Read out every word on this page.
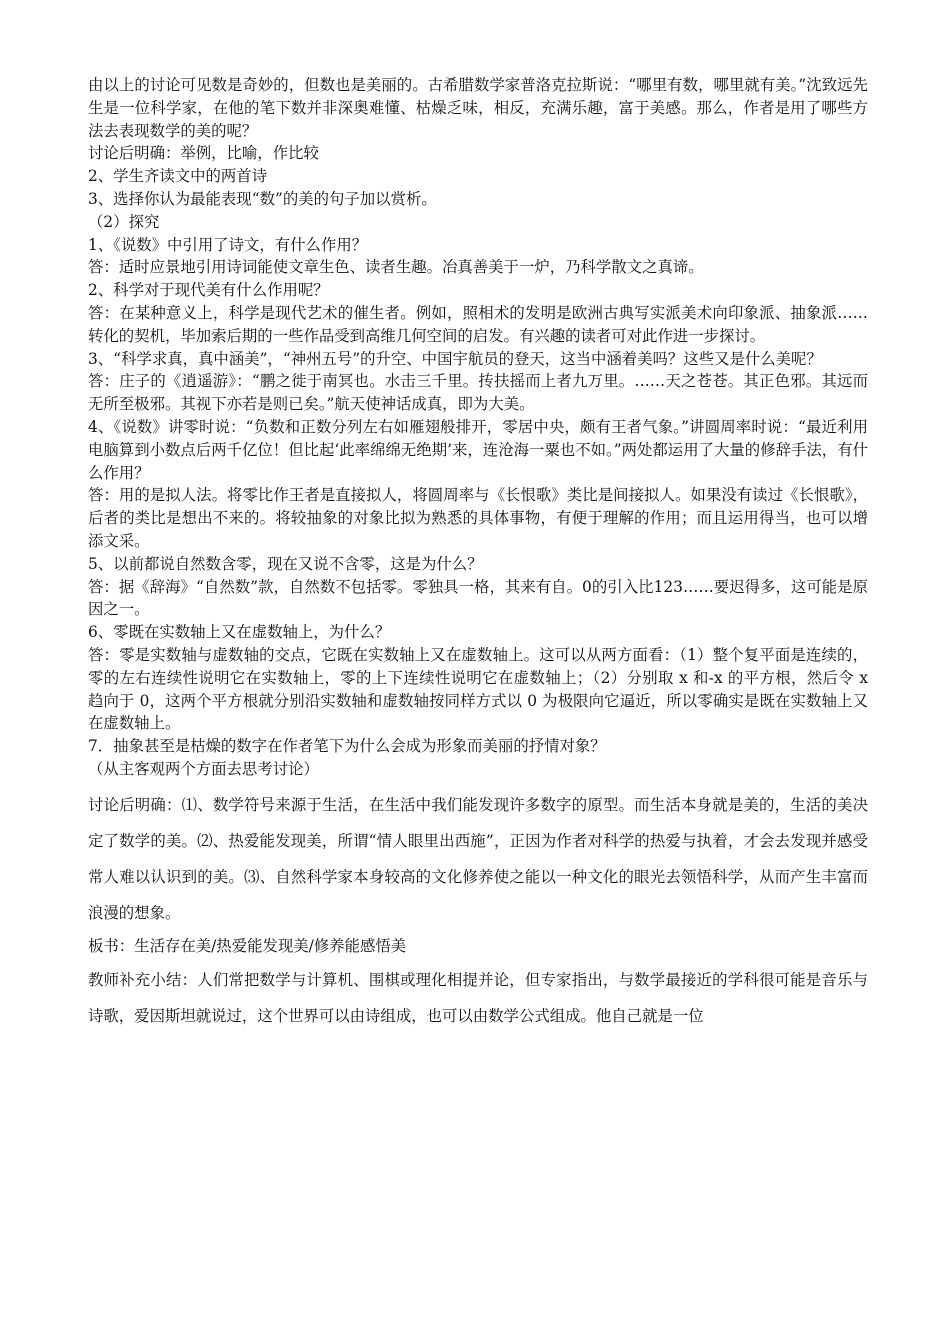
由以上的讨论可见数是奇妙的，但数也是美丽的。古希腊数学家普洛克拉斯说：“哪里有数，哪里就有美。”沈致远先生是一位科学家，在他的笔下数并非深奥难懂、枯燥乏味，相反，充满乐趣，富于美感。那么，作者是用了哪些方法去表现数学的美的呢？

讨论后明确：举例，比喻，作比较

2、学生齐读文中的两首诗

3、选择你认为最能表现“数”的美的句子加以赏析。

（2）探究

1、《说数》中引用了诗文，有什么作用？

答：适时应景地引用诗词能使文章生色、读者生趣。冶真善美于一炉，乃科学散文之真谛。

2、科学对于现代美有什么作用呢？

答：在某种意义上，科学是现代艺术的催生者。例如，照相术的发明是欧洲古典写实派美术向印象派、抽象派……转化的契机，毕加索后期的一些作品受到高维几何空间的启发。有兴趣的读者可对此作进一步探讨。

3、“科学求真，真中涵美”，“神州五号”的升空、中国宇航员的登天，这当中涵着美吗？这些又是什么美呢？

答：庄子的《逍遥游》：“鹏之徙于南冥也。水击三千里。抟扶摇而上者九万里。……天之苍苍。其正色邪。其远而无所至极邪。其视下亦若是则已矣。”航天使神话成真，即为大美。

4、《说数》讲零时说：“负数和正数分列左右如雁翅般排开，零居中央，颇有王者气象。”讲圆周率时说：“最近利用电脑算到小数点后两千亿位！但比起‘此率绵绵无绝期’来，连沧海一粟也不如。”两处都运用了大量的修辞手法，有什么作用？

答：用的是拟人法。将零比作王者是直接拟人，将圆周率与《长恨歌》类比是间接拟人。如果没有读过《长恨歌》，后者的类比是想出不来的。将较抽象的对象比拟为熟悉的具体事物，有便于理解的作用；而且运用得当，也可以增添文采。

5、以前都说自然数含零，现在又说不含零，这是为什么？

答：据《辞海》“自然数”款，自然数不包括零。零独具一格，其来有自。0的引入比123……要迟得多，这可能是原因之一。

6、零既在实数轴上又在虚数轴上，为什么？

答：零是实数轴与虚数轴的交点，它既在实数轴上又在虚数轴上。这可以从两方面看：（1）整个复平面是连续的，零的左右连续性说明它在实数轴上，零的上下连续性说明它在虚数轴上；（2）分别取 x 和-x 的平方根，然后令 x 趋向于 0，这两个平方根就分别沿实数轴和虚数轴按同样方式以 0 为极限向它逼近，所以零确实是既在实数轴上又在虚数轴上。

7．抽象甚至是枯燥的数字在作者笔下为什么会成为形象而美丽的抒情对象？

（从主客观两个方面去思考讨论）

讨论后明确：⑴、数学符号来源于生活，在生活中我们能发现许多数字的原型。而生活本身就是美的，生活的美决定了数学的美。⑵、热爱能发现美，所谓“情人眼里出西施”，正因为作者对科学的热爱与执着，才会去发现并感受常人难以认识到的美。⑶、自然科学家本身较高的文化修养使之能以一种文化的眼光去领悟科学，从而产生丰富而浪漫的想象。

板书：生活存在美/热爱能发现美/修养能感悟美

教师补充小结：人们常把数学与计算机、围棋或理化相提并论，但专家指出，与数学最接近的学科很可能是音乐与诗歌，爱因斯坦就说过，这个世界可以由诗组成，也可以由数学公式组成。他自己就是一位
